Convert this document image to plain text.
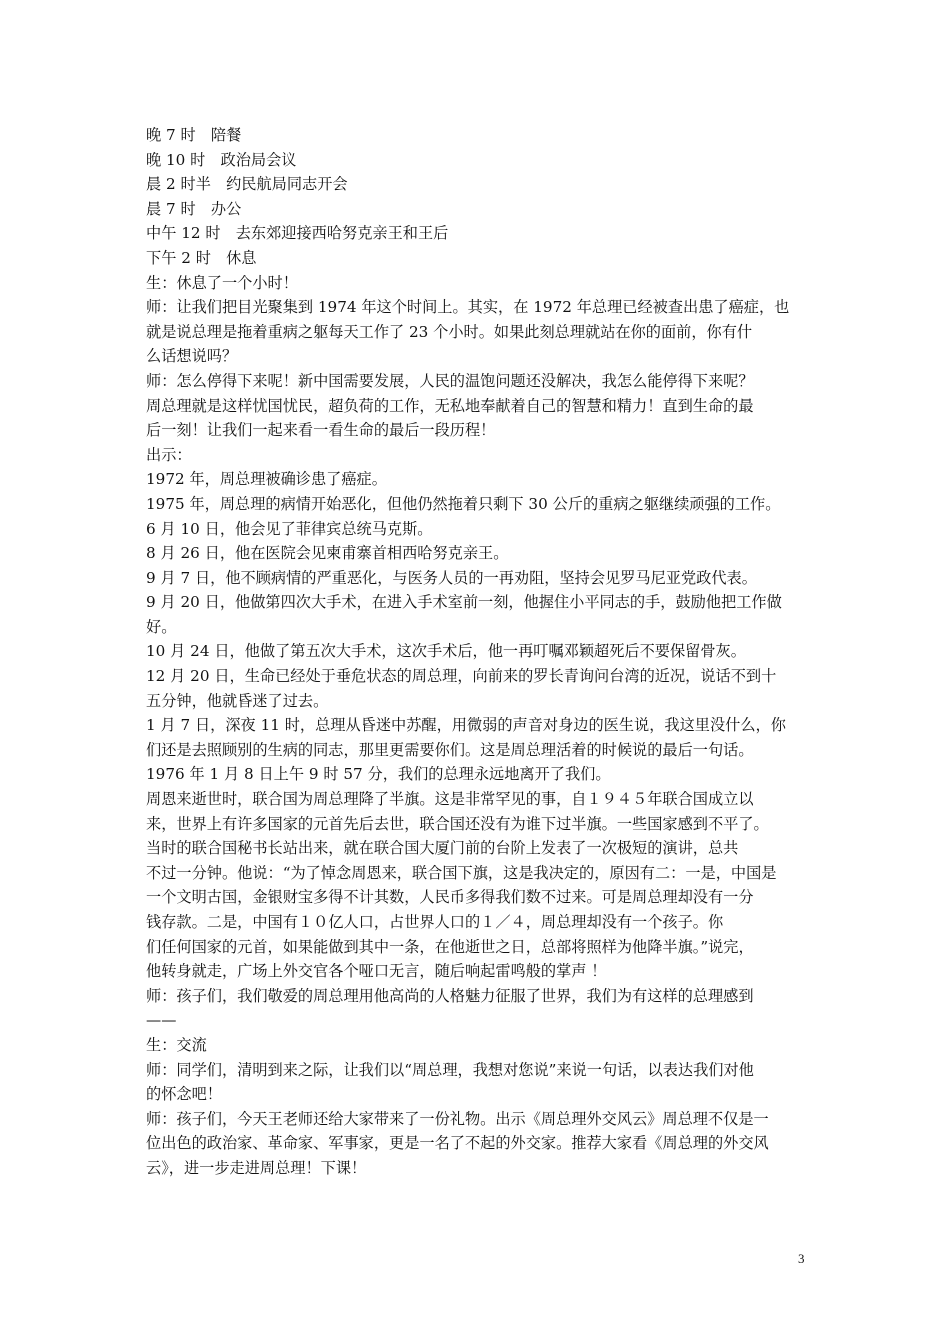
晚 7 时　陪餐
晚 10 时　政治局会议
晨 2 时半　约民航局同志开会
晨 7 时　办公
中午 12 时　去东郊迎接西哈努克亲王和王后
下午 2 时　休息
生：休息了一个小时！
师：让我们把目光聚集到 1974 年这个时间上。其实，在 1972 年总理已经被查出患了癌症，也
就是说总理是拖着重病之躯每天工作了 23 个小时。如果此刻总理就站在你的面前，你有什
么话想说吗？
师：怎么停得下来呢！新中国需要发展，人民的温饱问题还没解决，我怎么能停得下来呢？
周总理就是这样忧国忧民，超负荷的工作，无私地奉献着自己的智慧和精力！直到生命的最
后一刻！让我们一起来看一看生命的最后一段历程！
出示：
1972 年，周总理被确诊患了癌症。
1975 年，周总理的病情开始恶化，但他仍然拖着只剩下 30 公斤的重病之躯继续顽强的工作。
6 月 10 日，他会见了菲律宾总统马克斯。
8 月 26 日，他在医院会见柬甫寨首相西哈努克亲王。
9 月 7 日，他不顾病情的严重恶化，与医务人员的一再劝阻，坚持会见罗马尼亚党政代表。
9 月 20 日，他做第四次大手术，在进入手术室前一刻，他握住小平同志的手，鼓励他把工作做
好。
10 月 24 日，他做了第五次大手术，这次手术后，他一再叮嘱邓颖超死后不要保留骨灰。
12 月 20 日，生命已经处于垂危状态的周总理，向前来的罗长青询问台湾的近况，说话不到十
五分钟，他就昏迷了过去。
1 月 7 日，深夜 11 时，总理从昏迷中苏醒，用微弱的声音对身边的医生说，我这里没什么，你
们还是去照顾别的生病的同志，那里更需要你们。这是周总理活着的时候说的最后一句话。
1976 年 1 月 8 日上午 9 时 57 分，我们的总理永远地离开了我们。
周恩来逝世时，联合国为周总理降了半旗。这是非常罕见的事，自１９４５年联合国成立以
来，世界上有许多国家的元首先后去世，联合国还没有为谁下过半旗。一些国家感到不平了。
当时的联合国秘书长站出来，就在联合国大厦门前的台阶上发表了一次极短的演讲，总共
不过一分钟。他说：“为了悼念周恩来，联合国下旗，这是我决定的，原因有二：一是，中国是
一个文明古国，金银财宝多得不计其数，人民币多得我们数不过来。可是周总理却没有一分
钱存款。二是，中国有１０亿人口，占世界人口的１／４，周总理却没有一个孩子。你
们任何国家的元首，如果能做到其中一条，在他逝世之日，总部将照样为他降半旗。”说完，
他转身就走，广场上外交官各个哑口无言，随后响起雷鸣般的掌声 ！
师：孩子们，我们敬爱的周总理用他高尚的人格魅力征服了世界，我们为有这样的总理感到
——
生：交流
师：同学们，清明到来之际，让我们以“周总理，我想对您说”来说一句话，以表达我们对他
的怀念吧！
师：孩子们，今天王老师还给大家带来了一份礼物。出示《周总理外交风云》周总理不仅是一
位出色的政治家、革命家、军事家，更是一名了不起的外交家。推荐大家看《周总理的外交风
云》，进一步走进周总理！下课！
3
